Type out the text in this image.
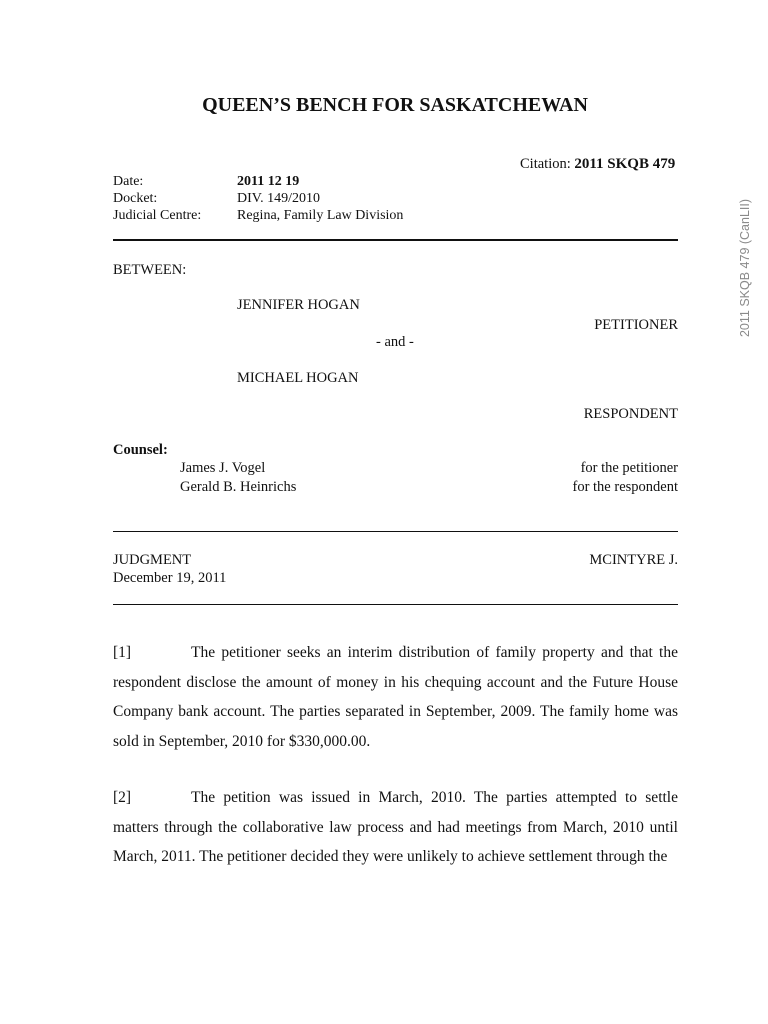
QUEEN’S BENCH FOR SASKATCHEWAN
Citation: 2011 SKQB 479
Date:	2011 12 19
Docket:	DIV. 149/2010
Judicial Centre:	Regina, Family Law Division
BETWEEN:
JENNIFER HOGAN
PETITIONER
- and -
MICHAEL HOGAN
RESPONDENT
Counsel:
James J. Vogel	for the petitioner
Gerald B. Heinrichs	for the respondent
JUDGMENT	MCINTYRE J.
December 19, 2011
[1]	The petitioner seeks an interim distribution of family property and that the respondent disclose the amount of money in his chequing account and the Future House Company bank account. The parties separated in September, 2009. The family home was sold in September, 2010 for $330,000.00.
[2]	The petition was issued in March, 2010. The parties attempted to settle matters through the collaborative law process and had meetings from March, 2010 until March, 2011. The petitioner decided they were unlikely to achieve settlement through the
2011 SKQB 479 (CanLII)
